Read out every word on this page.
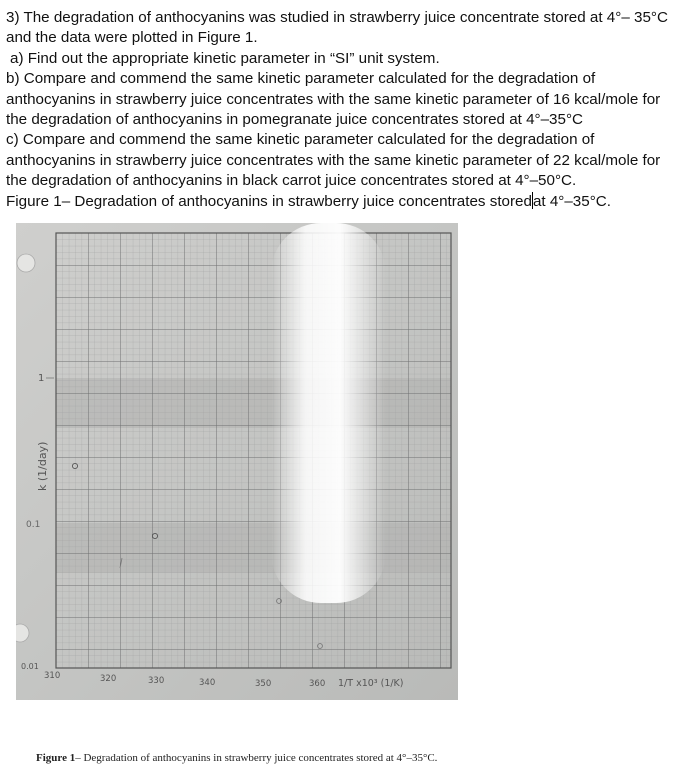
3) The degradation of anthocyanins was studied in strawberry juice concentrate stored at 4°– 35°C

and the data were plotted in Figure 1.

a) Find out the appropriate kinetic parameter in “SI” unit system.

b) Compare and commend the same kinetic parameter calculated for the degradation of

anthocyanins in strawberry juice concentrates with the same kinetic parameter of 16 kcal/mole for

the degradation of anthocyanins in pomegranate juice concentrates stored at 4°–35°C

c) Compare and commend the same kinetic parameter calculated for the degradation of

anthocyanins in strawberry juice concentrates with the same kinetic parameter of 22 kcal/mole for

the degradation of anthocyanins in black carrot juice concentrates stored at 4°–50°C.

Figure 1– Degradation of anthocyanins in strawberry juice concentrates storedat 4°–35°C.

1
k (1/day)
0.1
0.01
310	320	330	340	350	360 1/T x10³ (1/K)
Figure 1– Degradation of anthocyanins in strawberry juice concentrates stored at 4°–35°C.
